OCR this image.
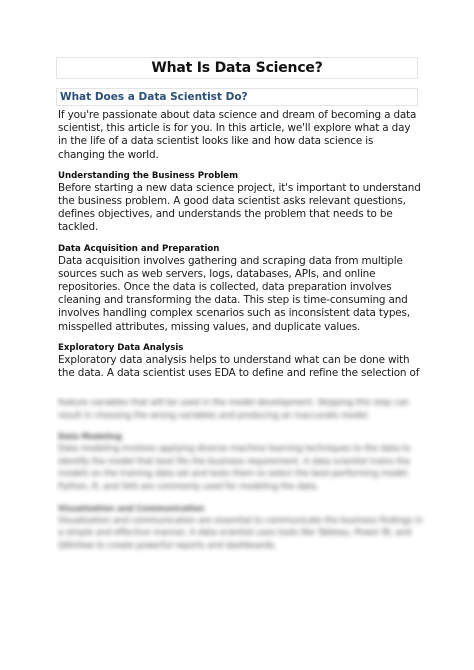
What Is Data Science?
What Does a Data Scientist Do?

If you're passionate about data science and dream of becoming a data scientist, this article is for you. In this article, we'll explore what a day in the life of a data scientist looks like and how data science is changing the world.

Understanding the Business Problem

Before starting a new data science project, it's important to understand the business problem. A good data scientist asks relevant questions, defines objectives, and understands the problem that needs to be tackled.

Data Acquisition and Preparation

Data acquisition involves gathering and scraping data from multiple sources such as web servers, logs, databases, APIs, and online repositories. Once the data is collected, data preparation involves cleaning and transforming the data. This step is time-consuming and involves handling complex scenarios such as inconsistent data types, misspelled attributes, missing values, and duplicate values.

Exploratory Data Analysis

Exploratory data analysis helps to understand what can be done with the data. A data scientist uses EDA to define and refine the selection of

feature variables that will be used in the model development. Skipping this step can result in choosing the wrong variables and producing an inaccurate model.

Data Modeling

Data modeling involves applying diverse machine learning techniques to the data to identify the model that best fits the business requirement. A data scientist trains the models on the training data set and tests them to select the best-performing model. Python, R, and SAS are commonly used for modeling the data.

Visualization and Communication

Visualization and communication are essential to communicate the business findings in a simple and effective manner. A data scientist uses tools like Tableau, Power BI, and QlikView to create powerful reports and dashboards.
